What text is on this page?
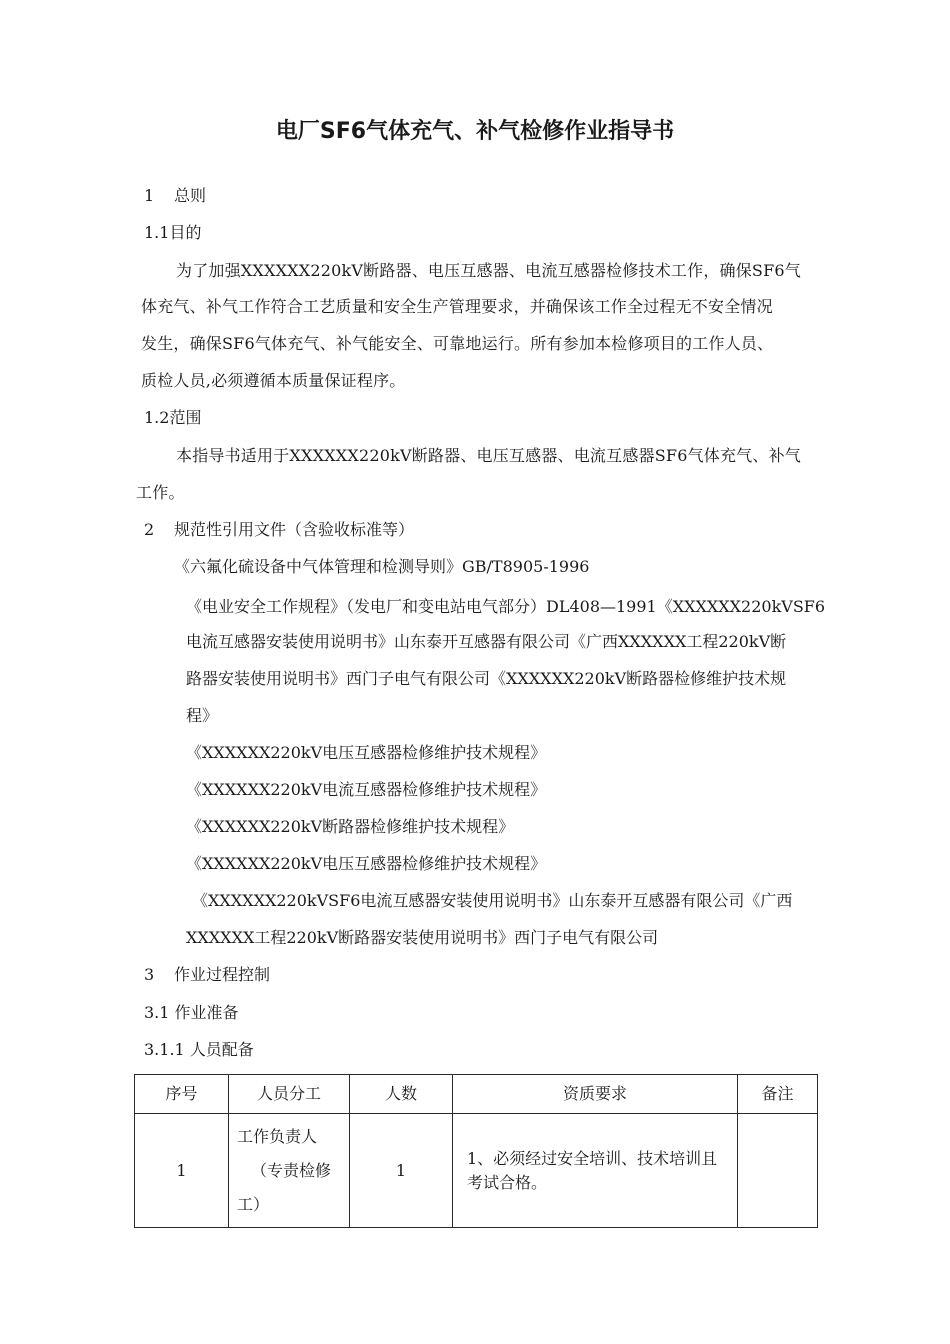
电厂SF6气体充气、补气检修作业指导书
1 总则
1.1目的
为了加强XXXXXX220kV断路器、电压互感器、电流互感器检修技术工作，确保SF6气
体充气、补气工作符合工艺质量和安全生产管理要求，并确保该工作全过程无不安全情况
发生，确保SF6气体充气、补气能安全、可靠地运行。所有参加本检修项目的工作人员、
质检人员,必须遵循本质量保证程序。
1.2范围
本指导书适用于XXXXXX220kV断路器、电压互感器、电流互感器SF6气体充气、补气
工作。
2 规范性引用文件（含验收标准等）
《六氟化硫设备中气体管理和检测导则》GB/T8905-1996
《电业安全工作规程》（发电厂和变电站电气部分）DL408—1991《XXXXXX220kVSF6
电流互感器安装使用说明书》山东泰开互感器有限公司《广西XXXXXX工程220kV断
路器安装使用说明书》西门子电气有限公司《XXXXXX220kV断路器检修维护技术规
程》
《XXXXXX220kV电压互感器检修维护技术规程》
《XXXXXX220kV电流互感器检修维护技术规程》
《XXXXXX220kV断路器检修维护技术规程》
《XXXXXX220kV电压互感器检修维护技术规程》
《XXXXXX220kVSF6电流互感器安装使用说明书》山东泰开互感器有限公司《广西
XXXXXX工程220kV断路器安装使用说明书》西门子电气有限公司
3 作业过程控制
3.1 作业准备
3.1.1 人员配备
序号	人员分工	人数	资质要求	备注
1	工作负责人
（专责检修
工）	1	1、必须经过安全培训、技术培训且考试合格。	
